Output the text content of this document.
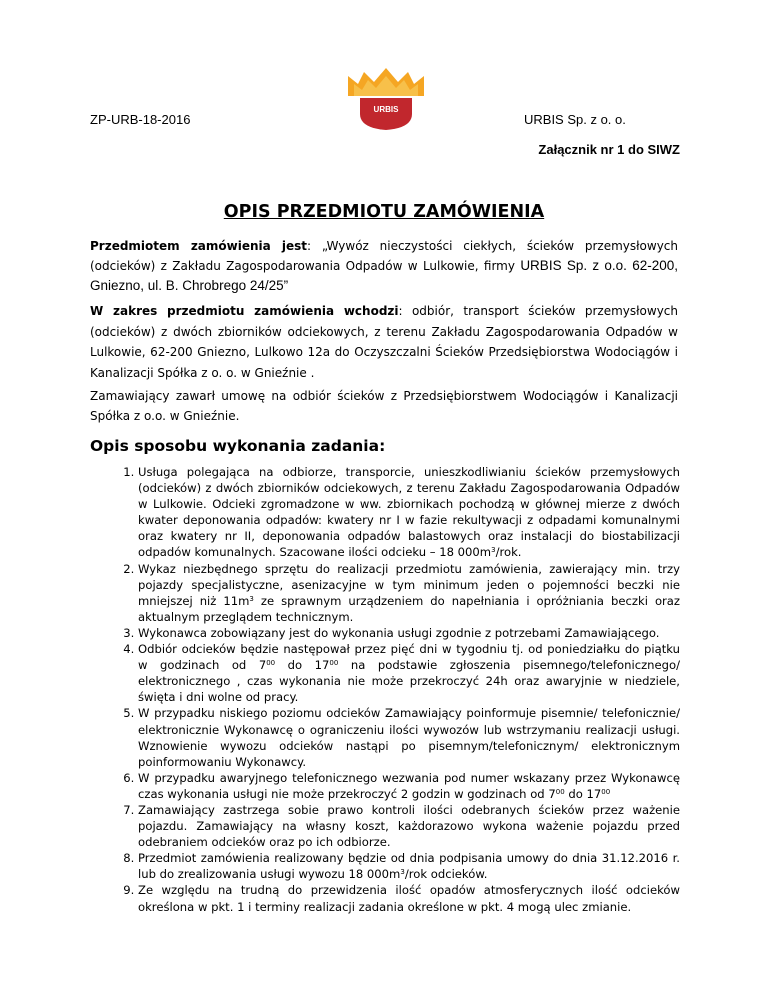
URBIS
ZP-URB-18-2016	URBIS Sp. z o. o.
Załącznik nr 1 do SIWZ
OPIS PRZEDMIOTU ZAMÓWIENIA

Przedmiotem zamówienia jest: „Wywóz nieczystości ciekłych, ścieków przemysłowych (odcieków) z Zakładu Zagospodarowania Odpadów w Lulkowie, firmy URBIS Sp. z o.o. 62-200, Gniezno, ul. B. Chrobrego 24/25”

W zakres przedmiotu zamówienia wchodzi: odbiór, transport ścieków przemysłowych (odcieków) z dwóch zbiorników odciekowych, z terenu Zakładu Zagospodarowania Odpadów w Lulkowie, 62-200 Gniezno, Lulkowo 12a do Oczyszczalni Ścieków Przedsiębiorstwa Wodociągów i Kanalizacji Spółka z o. o. w Gnieźnie .

Zamawiający zawarł umowę na odbiór ścieków z Przedsiębiorstwem Wodociągów i Kanalizacji Spółka z o.o. w Gnieźnie.

Opis sposobu wykonania zadania:
1. Usługa polegająca na odbiorze, transporcie, unieszkodliwianiu ścieków przemysłowych (odcieków) z dwóch zbiorników odciekowych, z terenu Zakładu Zagospodarowania Odpadów w Lulkowie. Odcieki zgromadzone w ww. zbiornikach pochodzą w głównej mierze z dwóch kwater deponowania odpadów: kwatery nr I w fazie rekultywacji z odpadami komunalnymi oraz kwatery nr II, deponowania odpadów balastowych oraz instalacji do biostabilizacji odpadów komunalnych. Szacowane ilości odcieku – 18 $000m^3$/rok.
2. Wykaz niezbędnego sprzętu do realizacji przedmiotu zamówienia, zawierający min. trzy pojazdy specjalistyczne, asenizacyjne w tym minimum jeden o pojemności beczki nie mniejszej niż $11m^3$ ze sprawnym urządzeniem do napełniania i opróżniania beczki oraz aktualnym przeglądem technicznym.
3. Wykonawca zobowiązany jest do wykonania usługi zgodnie z potrzebami Zamawiającego.
4. Odbiór odcieków będzie następował przez pięć dni w tygodniu tj. od poniedziałku do piątku w godzinach od $7^{00}$ do $17^{00}$ na podstawie zgłoszenia pisemnego/telefonicznego/ elektronicznego , czas wykonania nie może przekroczyć 24h oraz awaryjnie w niedziele, święta i dni wolne od pracy.
5. W przypadku niskiego poziomu odcieków Zamawiający poinformuje pisemnie/ telefonicznie/ elektronicznie Wykonawcę o ograniczeniu ilości wywozów lub wstrzymaniu realizacji usługi. Wznowienie wywozu odcieków nastąpi po pisemnym/telefonicznym/ elektronicznym poinformowaniu Wykonawcy.
6. W przypadku awaryjnego telefonicznego wezwania pod numer wskazany przez Wykonawcę czas wykonania usługi nie może przekroczyć 2 godzin w godzinach od $7^{00}$ do $17^{00}$
7. Zamawiający zastrzega sobie prawo kontroli ilości odebranych ścieków przez ważenie pojazdu. Zamawiający na własny koszt, każdorazowo wykona ważenie pojazdu przed odebraniem odcieków oraz po ich odbiorze.
8. Przedmiot zamówienia realizowany będzie od dnia podpisania umowy do dnia 31.12.2016 r. lub do zrealizowania usługi wywozu 18 $000m^3$/rok odcieków.
9. Ze względu na trudną do przewidzenia ilość opadów atmosferycznych ilość odcieków określona w pkt. 1 i terminy realizacji zadania określone w pkt. 4 mogą ulec zmianie.
